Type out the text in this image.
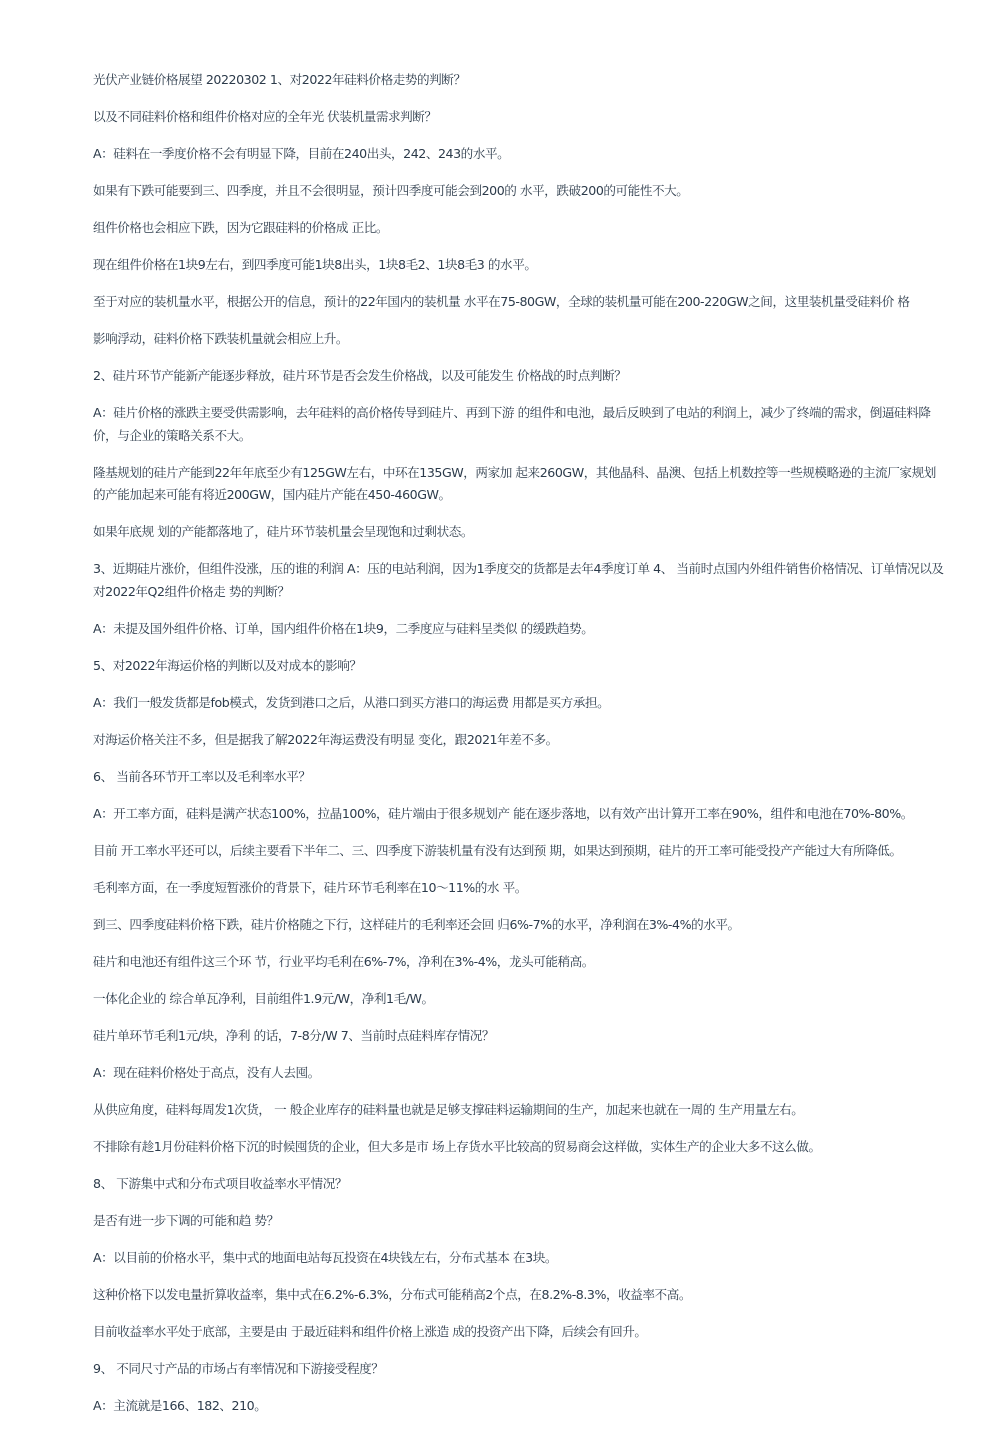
光伏产业链价格展望 20220302 1、对2022年硅料价格走势的判断？

以及不同硅料价格和组件价格对应的全年光 伏装机量需求判断？

A：硅料在一季度价格不会有明显下降，目前在240出头，242、243的水平。

如果有下跌可能要到三、四季度，并且不会很明显，预计四季度可能会到200的 水平，跌破200的可能性不大。

组件价格也会相应下跌，因为它跟硅料的价格成 正比。

现在组件价格在1块9左右，到四季度可能1块8出头，1块8毛2、1块8毛3 的水平。

至于对应的装机量水平，根据公开的信息，预计的22年国内的装机量 水平在75-80GW，全球的装机量可能在200-220GW之间，这里装机量受硅料价 格

影响浮动，硅料价格下跌装机量就会相应上升。

2、硅片环节产能新产能逐步释放，硅片环节是否会发生价格战，以及可能发生 价格战的时点判断？

A：硅片价格的涨跌主要受供需影响，去年硅料的高价格传导到硅片、再到下游 的组件和电池，最后反映到了电站的利润上，减少了终端的需求，倒逼硅料降 价，与企业的策略关系不大。

隆基规划的硅片产能到22年年底至少有125GW左右，中环在135GW，两家加 起来260GW，其他晶科、晶澳、包括上机数控等一些规模略逊的主流厂家规划 的产能加起来可能有将近200GW，国内硅片产能在450-460GW。

如果年底规 划的产能都落地了，硅片环节装机量会呈现饱和过剩状态。

3、近期硅片涨价，但组件没涨，压的谁的利润 A：压的电站利润，因为1季度交的货都是去年4季度订单 4、 当前时点国内外组件销售价格情况、订单情况以及对2022年Q2组件价格走 势的判断？

A：未提及国外组件价格、订单，国内组件价格在1块9，二季度应与硅料呈类似 的缓跌趋势。

5、对2022年海运价格的判断以及对成本的影响？

A：我们一般发货都是fob模式，发货到港口之后，从港口到买方港口的海运费 用都是买方承担。

对海运价格关注不多，但是据我了解2022年海运费没有明显 变化，跟2021年差不多。

6、 当前各环节开工率以及毛利率水平？

A：开工率方面，硅料是满产状态100%，拉晶100%，硅片端由于很多规划产 能在逐步落地，以有效产出计算开工率在90%，组件和电池在70%-80%。

目前 开工率水平还可以，后续主要看下半年二、三、四季度下游装机量有没有达到预 期，如果达到预期，硅片的开工率可能受投产产能过大有所降低。

毛利率方面，在一季度短暂涨价的背景下，硅片环节毛利率在10～11%的水 平。

到三、四季度硅料价格下跌，硅片价格随之下行，这样硅片的毛利率还会回 归6%-7%的水平，净利润在3%-4%的水平。

硅片和电池还有组件这三个环 节，行业平均毛利在6%-7%，净利在3%-4%，龙头可能稍高。

一体化企业的 综合单瓦净利，目前组件1.9元/W，净利1毛/W。

硅片单环节毛利1元/块，净利 的话，7-8分/W 7、当前时点硅料库存情况？

A：现在硅料价格处于高点，没有人去囤。

从供应角度，硅料每周发1次货， 一 般企业库存的硅料量也就是足够支撑硅料运输期间的生产，加起来也就在一周的 生产用量左右。

不排除有趁1月份硅料价格下沉的时候囤货的企业，但大多是市 场上存货水平比较高的贸易商会这样做，实体生产的企业大多不这么做。

8、 下游集中式和分布式项目收益率水平情况？

是否有进一步下调的可能和趋 势？

A：以目前的价格水平，集中式的地面电站每瓦投资在4块钱左右，分布式基本 在3块。

这种价格下以发电量折算收益率，集中式在6.2%-6.3%，分布式可能稍高2个点，在8.2%-8.3%，收益率不高。

目前收益率水平处于底部，主要是由 于最近硅料和组件价格上涨造 成的投资产出下降，后续会有回升。

9、 不同尺寸产品的市场占有率情况和下游接受程度？

A：主流就是166、182、210。
